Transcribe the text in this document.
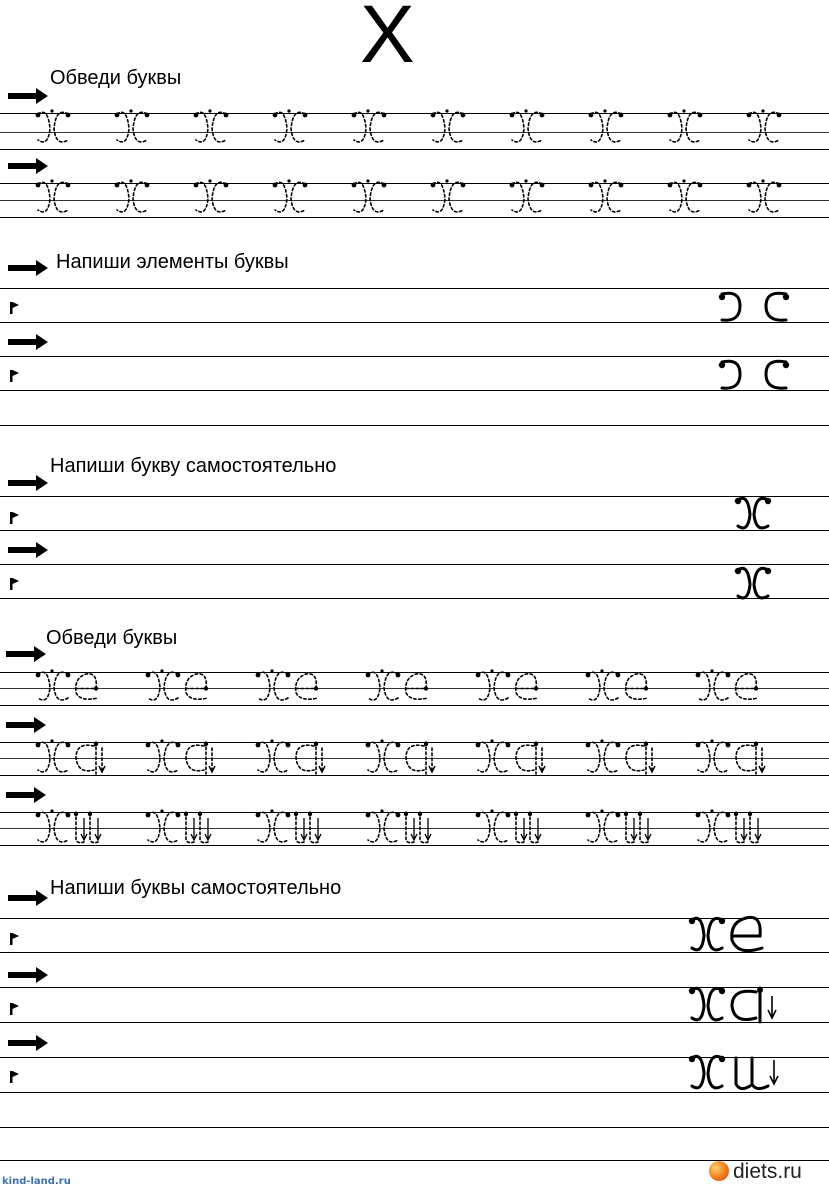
Х
Обведи буквы
Напиши элементы буквы
Напиши букву самостоятельно
Обведи буквы
Напиши буквы самостоятельно
kind-land.ru	diets.ru
